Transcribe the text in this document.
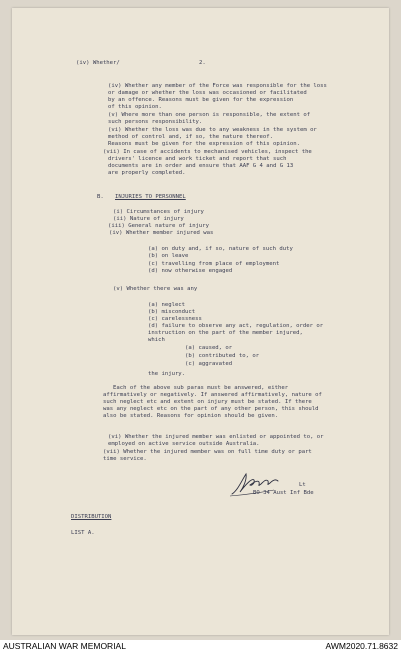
(iv) Whether/	2.
(iv) Whether any member of the Force was responsible for the loss
or damage or whether the loss was occasioned or facilitated
by an offence. Reasons must be given for the expression
of this opinion.
(v) Where more than one person is responsible, the extent of
such persons responsibility.
(vi) Whether the loss was due to any weakness in the system or
method of control and, if so, the nature thereof.
Reasons must be given for the expression of this opinion.
(vii) In case of accidents to mechanised vehicles, inspect the
drivers' licence and work ticket and report that such
documents are in order and ensure that AAF G 4 and G 13
are properly completed.
B. INJURIES TO PERSONNEL
(i) Circumstances of injury
(ii) Nature of injury
(iii) General nature of injury
(iv) Whether member injured was
(a) on duty and, if so, nature of such duty
(b) on leave
(c) travelling from place of employment
(d) now otherwise engaged
(v) Whether there was any
(a) neglect
(b) misconduct
(c) carelessness
(d) failure to observe any act, regulation, order or
instruction on the part of the member injured,
which
(a) caused, or
(b) contributed to, or
(c) aggravated
the injury.
Each of the above sub paras must be answered, either
affirmatively or negatively. If answered affirmatively, nature of
such neglect etc and extent on injury must be stated. If there
was any neglect etc on the part of any other person, this should
also be stated. Reasons for opinion should be given.
(vi) Whether the injured member was enlisted or appointed to, or
employed on active service outside Australia.
(vii) Whether the injured member was on full time duty or part
time service.
Lt
BO 34 Aust Inf Bde
DISTRIBUTION
LIST A.
AUSTRALIAN WAR MEMORIAL	AWM2020.71.8632
